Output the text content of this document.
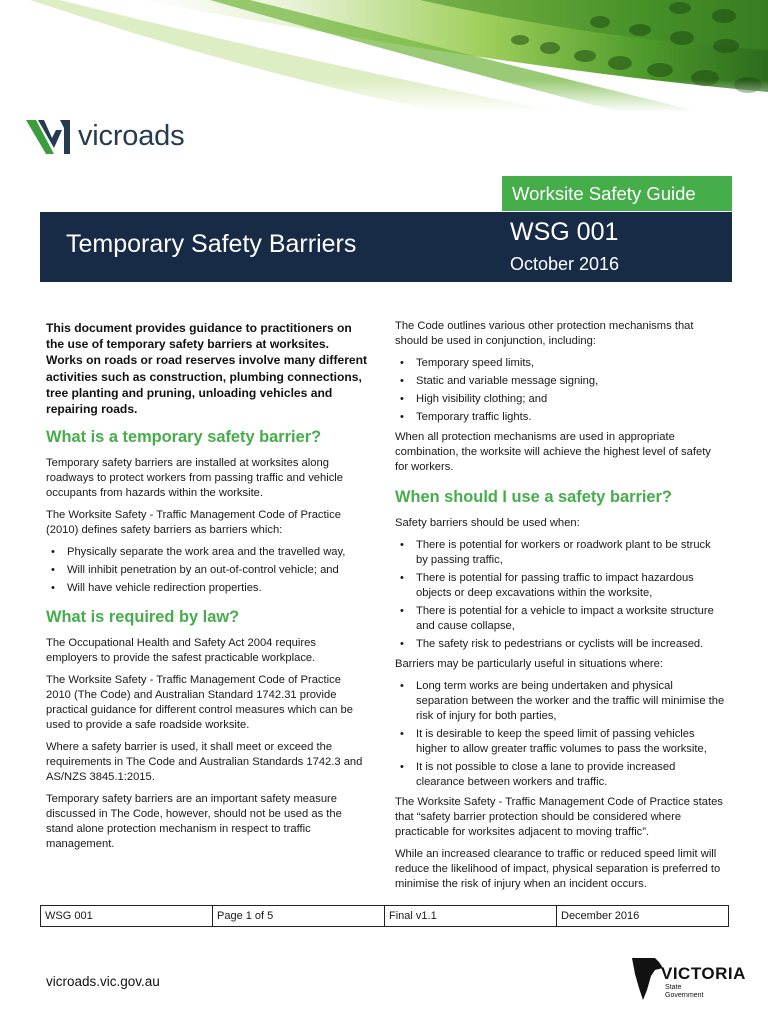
vicroads
Worksite Safety Guide
Temporary Safety Barriers	WSG 001
October 2016

This document provides guidance to practitioners on the use of temporary safety barriers at worksites. Works on roads or road reserves involve many different activities such as construction, plumbing connections, tree planting and pruning, unloading vehicles and repairing roads.

What is a temporary safety barrier?

Temporary safety barriers are installed at worksites along roadways to protect workers from passing traffic and vehicle occupants from hazards within the worksite.

The Worksite Safety - Traffic Management Code of Practice (2010) defines safety barriers as barriers which:

• Physically separate the work area and the travelled way,
• Will inhibit penetration by an out-of-control vehicle; and
• Will have vehicle redirection properties.
What is required by law?

The Occupational Health and Safety Act 2004 requires employers to provide the safest practicable workplace.

The Worksite Safety - Traffic Management Code of Practice 2010 (The Code) and Australian Standard 1742.31 provide practical guidance for different control measures which can be used to provide a safe roadside worksite.

Where a safety barrier is used, it shall meet or exceed the requirements in The Code and Australian Standards 1742.3 and AS/NZS 3845.1:2015.

Temporary safety barriers are an important safety measure discussed in The Code, however, should not be used as the stand alone protection mechanism in respect to traffic management.

The Code outlines various other protection mechanisms that should be used in conjunction, including:

• Temporary speed limits,
• Static and variable message signing,
• High visibility clothing; and
• Temporary traffic lights.

When all protection mechanisms are used in appropriate combination, the worksite will achieve the highest level of safety for workers.

When should I use a safety barrier?

Safety barriers should be used when:

• There is potential for workers or roadwork plant to be struck by passing traffic,
• There is potential for passing traffic to impact hazardous objects or deep excavations within the worksite,
• There is potential for a vehicle to impact a worksite structure and cause collapse,
• The safety risk to pedestrians or cyclists will be increased.

Barriers may be particularly useful in situations where:

• Long term works are being undertaken and physical separation between the worker and the traffic will minimise the risk of injury for both parties,
• It is desirable to keep the speed limit of passing vehicles higher to allow greater traffic volumes to pass the worksite,
• It is not possible to close a lane to provide increased clearance between workers and traffic.

The Worksite Safety - Traffic Management Code of Practice states that “safety barrier protection should be considered where practicable for worksites adjacent to moving traffic”.

While an increased clearance to traffic or reduced speed limit will reduce the likelihood of impact, physical separation is preferred to minimise the risk of injury when an incident occurs.

WSG 001	Page 1 of 5	Final v1.1	December 2016
vicroads.vic.gov.au	VICTORIA
State
Government
